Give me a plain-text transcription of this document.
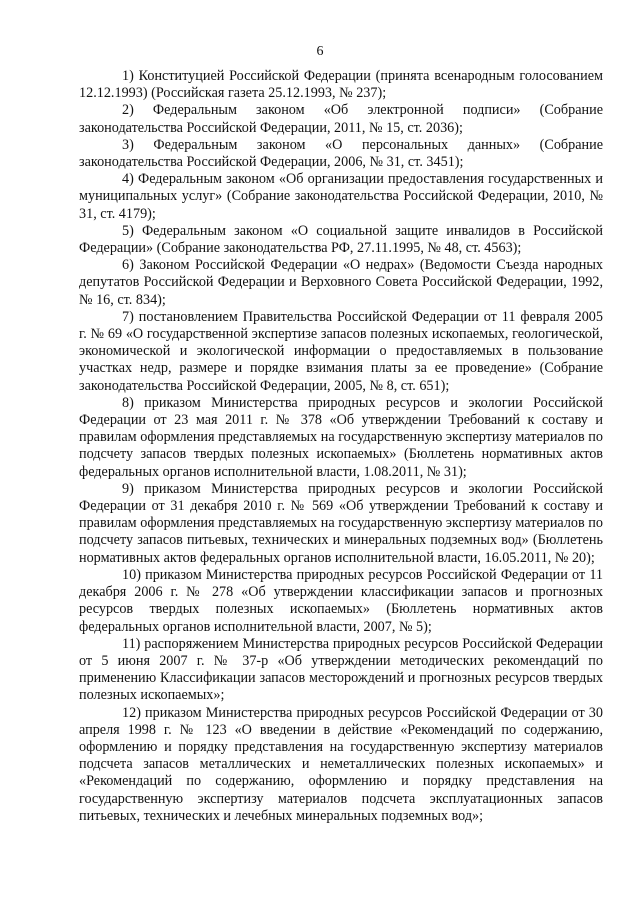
6

1) Конституцией Российской Федерации (принята всенародным голосованием 12.12.1993) (Российская газета 25.12.1993, № 237);

2) Федеральным законом «Об электронной подписи» (Собрание законодательства Российской Федерации, 2011, № 15, ст. 2036);

3) Федеральным законом «О персональных данных» (Собрание законодательства Российской Федерации, 2006, № 31, ст. 3451);

4) Федеральным законом «Об организации предоставления государственных и муниципальных услуг» (Собрание законодательства Российской Федерации, 2010, № 31, ст. 4179);

5) Федеральным законом «О социальной защите инвалидов в Российской Федерации» (Собрание законодательства РФ, 27.11.1995, № 48, ст. 4563);

6) Законом Российской Федерации «О недрах» (Ведомости Съезда народных депутатов Российской Федерации и Верховного Совета Российской Федерации, 1992, № 16, ст. 834);

7) постановлением Правительства Российской Федерации от 11 февраля 2005 г. № 69 «О государственной экспертизе запасов полезных ископаемых, геологической, экономической и экологической информации о предоставляемых в пользование участках недр, размере и порядке взимания платы за ее проведение» (Собрание законодательства Российской Федерации, 2005, № 8, ст. 651);

8) приказом Министерства природных ресурсов и экологии Российской Федерации от 23 мая 2011 г. № 378 «Об утверждении Требований к составу и правилам оформления представляемых на государственную экспертизу материалов по подсчету запасов твердых полезных ископаемых» (Бюллетень нормативных актов федеральных органов исполнительной власти, 1.08.2011, № 31);

9) приказом Министерства природных ресурсов и экологии Российской Федерации от 31 декабря 2010 г. № 569 «Об утверждении Требований к составу и правилам оформления представляемых на государственную экспертизу материалов по подсчету запасов питьевых, технических и минеральных подземных вод» (Бюллетень нормативных актов федеральных органов исполнительной власти, 16.05.2011, № 20);

10) приказом Министерства природных ресурсов Российской Федерации от 11 декабря 2006 г. № 278 «Об утверждении классификации запасов и прогнозных ресурсов твердых полезных ископаемых» (Бюллетень нормативных актов федеральных органов исполнительной власти, 2007, № 5);

11) распоряжением Министерства природных ресурсов Российской Федерации от 5 июня 2007 г. № 37-р «Об утверждении методических рекомендаций по применению Классификации запасов месторождений и прогнозных ресурсов твердых полезных ископаемых»;

12) приказом Министерства природных ресурсов Российской Федерации от 30 апреля 1998 г. № 123 «О введении в действие «Рекомендаций по содержанию, оформлению и порядку представления на государственную экспертизу материалов подсчета запасов металлических и неметаллических полезных ископаемых» и «Рекомендаций по содержанию, оформлению и порядку представления на государственную экспертизу материалов подсчета эксплуатационных запасов питьевых, технических и лечебных минеральных подземных вод»;
